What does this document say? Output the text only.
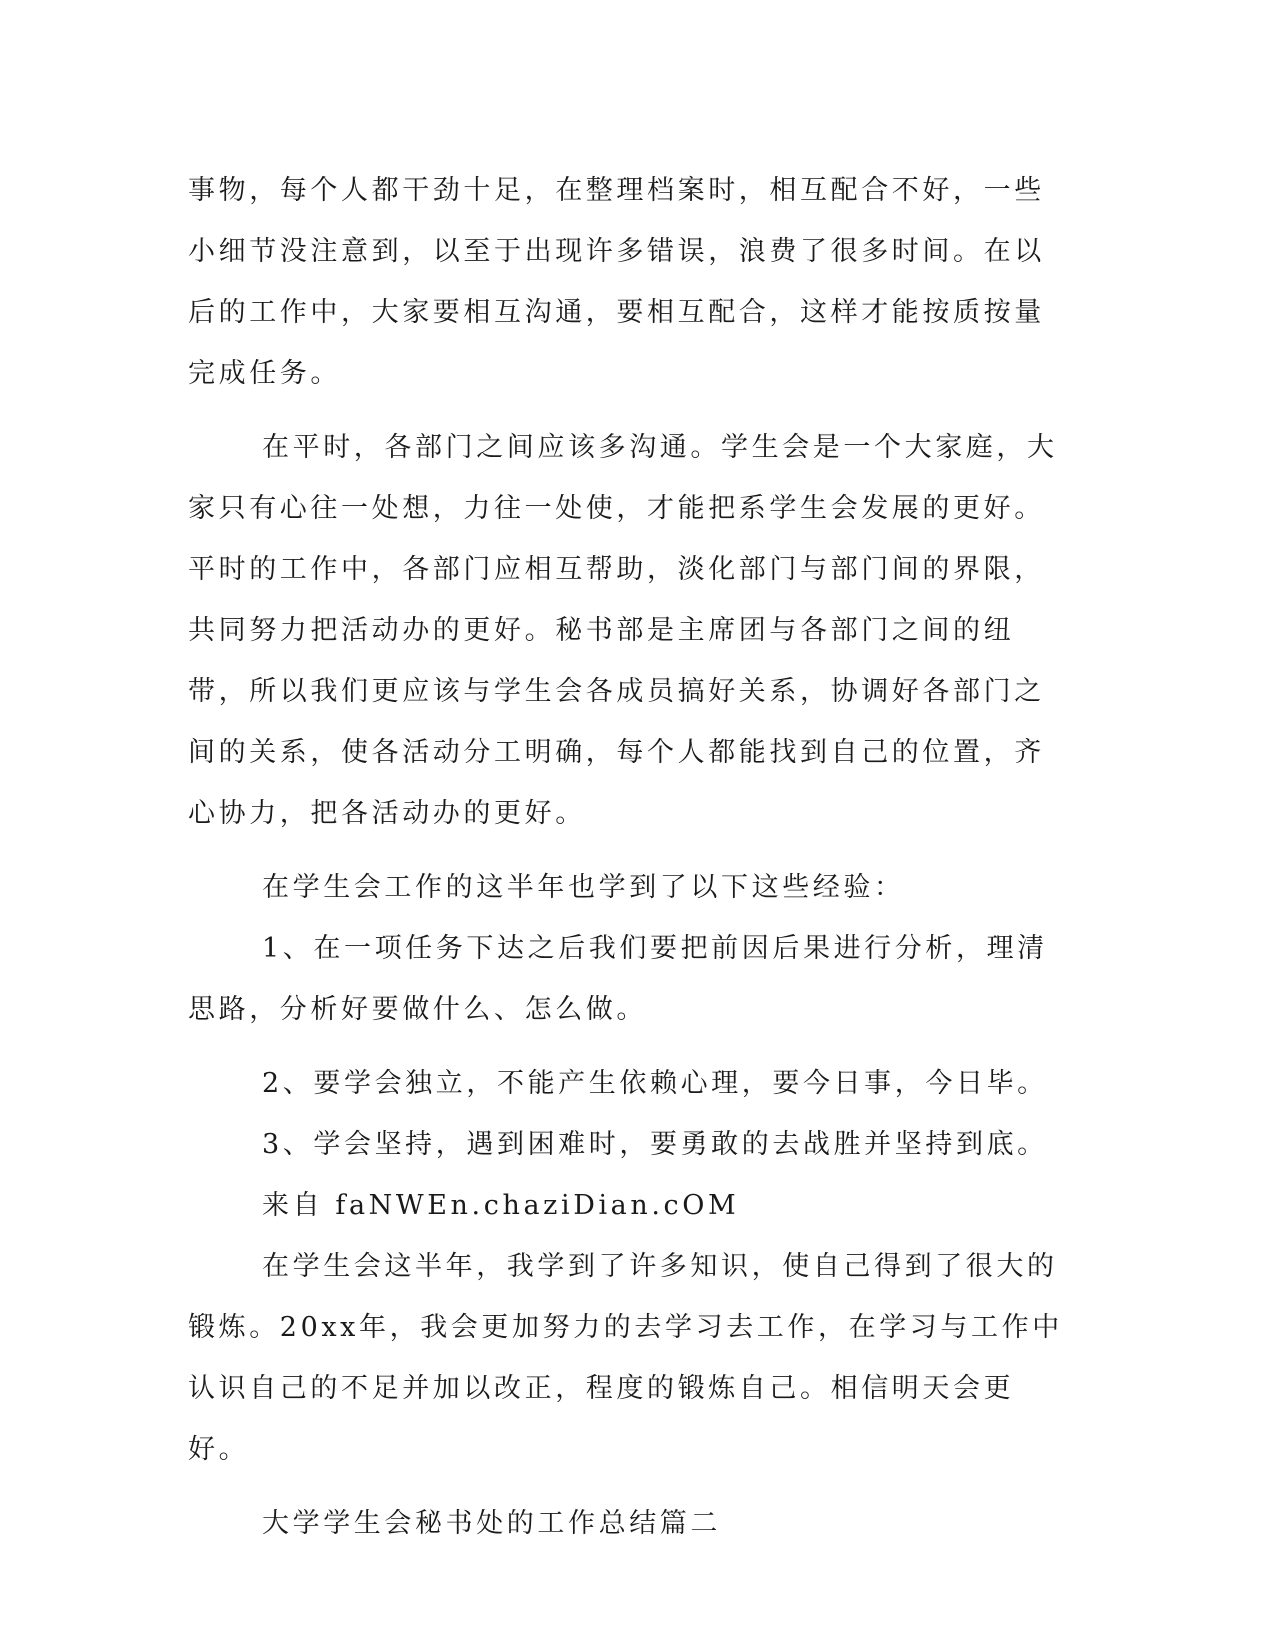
事物，每个人都干劲十足，在整理档案时，相互配合不好，一些小细节没注意到，以至于出现许多错误，浪费了很多时间。在以后的工作中，大家要相互沟通，要相互配合，这样才能按质按量完成任务。

在平时，各部门之间应该多沟通。学生会是一个大家庭，大家只有心往一处想，力往一处使，才能把系学生会发展的更好。平时的工作中，各部门应相互帮助，淡化部门与部门间的界限，共同努力把活动办的更好。秘书部是主席团与各部门之间的纽带，所以我们更应该与学生会各成员搞好关系，协调好各部门之间的关系，使各活动分工明确，每个人都能找到自己的位置，齐心协力，把各活动办的更好。

在学生会工作的这半年也学到了以下这些经验：

1、在一项任务下达之后我们要把前因后果进行分析，理清思路，分析好要做什么、怎么做。

2、要学会独立，不能产生依赖心理，要今日事，今日毕。

3、学会坚持，遇到困难时，要勇敢的去战胜并坚持到底。

来自 faNWEn.chaziDian.cOM

在学生会这半年，我学到了许多知识，使自己得到了很大的锻炼。20xx年，我会更加努力的去学习去工作，在学习与工作中认识自己的不足并加以改正，程度的锻炼自己。相信明天会更好。

大学学生会秘书处的工作总结篇二
